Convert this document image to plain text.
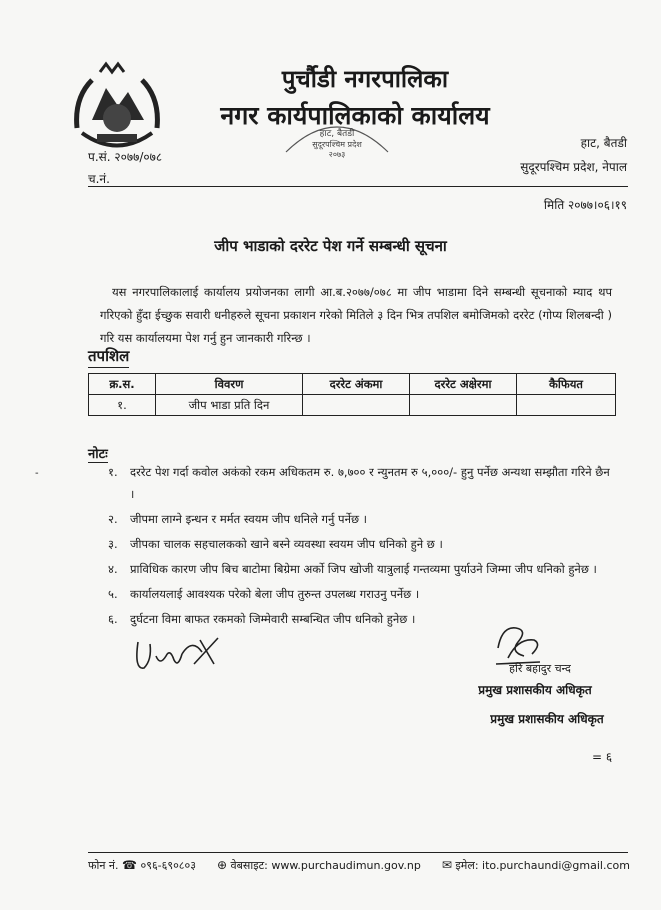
पुर्चौडी नगरपालिका
नगर कार्यपालिकाको कार्यालय
हाट, बैतडी
सुदूरपश्चिम प्रदेश
२०७३
प.सं. २०७७/०७८
च.नं.
हाट, बैतडी
सुदूरपश्चिम प्रदेश, नेपाल
मिति २०७७।०६।१९
जीप भाडाको दररेट पेश गर्ने सम्बन्धी सूचना
यस नगरपालिकालाई कार्यालय प्रयोजनका लागी आ.ब.२०७७/०७८ मा जीप भाडामा दिने सम्बन्धी सूचनाको म्याद थप गरिएको हुँदा ईच्छुक सवारी धनीहरुले सूचना प्रकाशन गरेको मितिले ३ दिन भित्र तपशिल बमोजिमको दररेट (गोप्य शिलबन्दी ) गरि यस कार्यालयमा पेश गर्नु हुन जानकारी गरिन्छ ।
तपशिल
क्र.स.	विवरण	दररेट अंकमा	दररेट अक्षेरमा	कैफियत
१.	जीप भाडा प्रति दिन			
-
नोटः
१. दररेट पेश गर्दा कवोल अकंको रकम अधिकतम रु. ७,७०० र न्युनतम रु ५,०००/- हुनु पर्नेछ अन्यथा सम्झौता गरिने छैन ।
२. जीपमा लाग्ने इन्धन र मर्मत स्वयम जीप धनिले गर्नु पर्नेछ ।
३. जीपका चालक सहचालकको खाने बस्ने व्यवस्था स्वयम जीप धनिको हुने छ ।
४. प्राविधिक कारण जीप बिच बाटोमा बिग्रेमा अर्को जिप खोजी यात्रुलाई गन्तव्यमा पुर्याउने जिम्मा जीप धनिको हुनेछ ।
५. कार्यालयलाई आवश्यक परेको बेला जीप तुरुन्त उपलब्ध गराउनु पर्नेछ ।
६. दुर्घटना विमा बाफत रकमको जिम्मेवारी सम्बन्धित जीप धनिको हुनेछ ।
हरि बहादुर चन्द
प्रमुख प्रशासकीय अधिकृत
प्रमुख प्रशासकीय अधिकृत
= ६
फोन नं. ☎ ०९६-६९०८०३ ⊕ वेबसाइट: www.purchaudimun.gov.np ✉ इमेल: ito.purchaundi@gmail.com
